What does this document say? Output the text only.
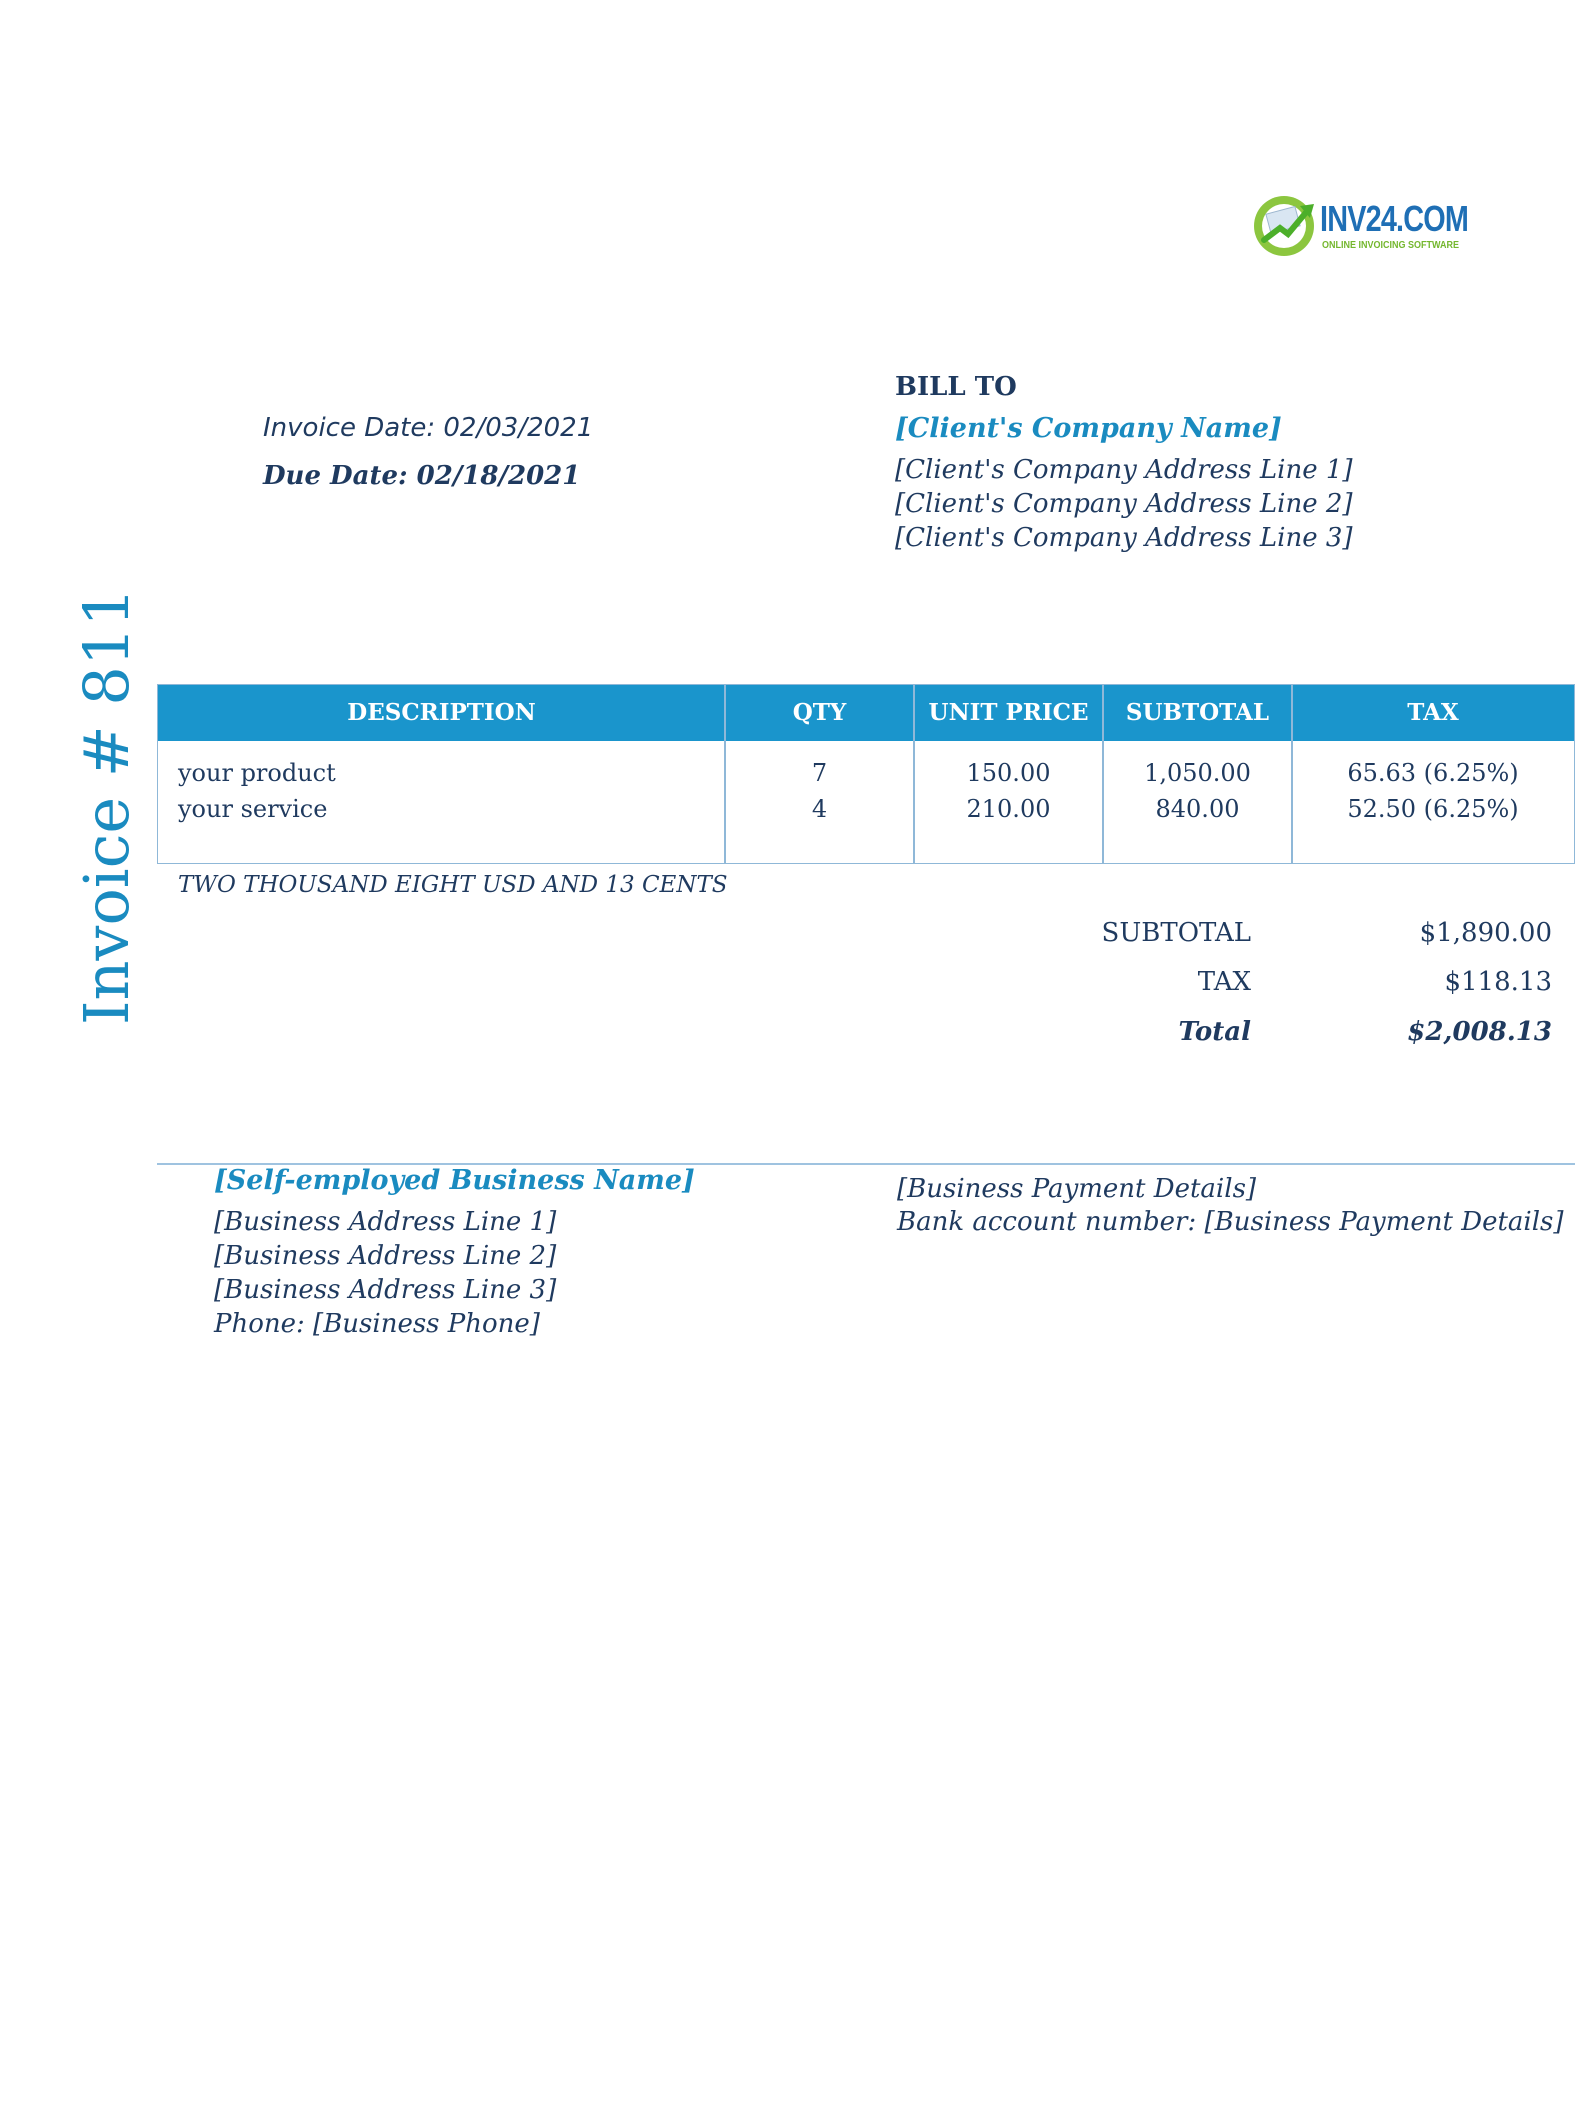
INV24.COM
ONLINE INVOICING SOFTWARE
Invoice # 811
Invoice Date: 02/03/2021
Due Date: 02/18/2021
BILL TO
[Client's Company Name]
[Client's Company Address Line 1]
[Client's Company Address Line 2]
[Client's Company Address Line 3]
DESCRIPTION	QTY	UNIT PRICE	SUBTOTAL	TAX
your product	7	150.00	1,050.00	65.63 (6.25%)
your service	4	210.00	840.00	52.50 (6.25%)
TWO THOUSAND EIGHT USD AND 13 CENTS
SUBTOTAL	$1,890.00
TAX	$118.13
Total	$2,008.13
[Self-employed Business Name]
[Business Address Line 1]
[Business Address Line 2]
[Business Address Line 3]
Phone: [Business Phone]
[Business Payment Details]
Bank account number: [Business Payment Details]
